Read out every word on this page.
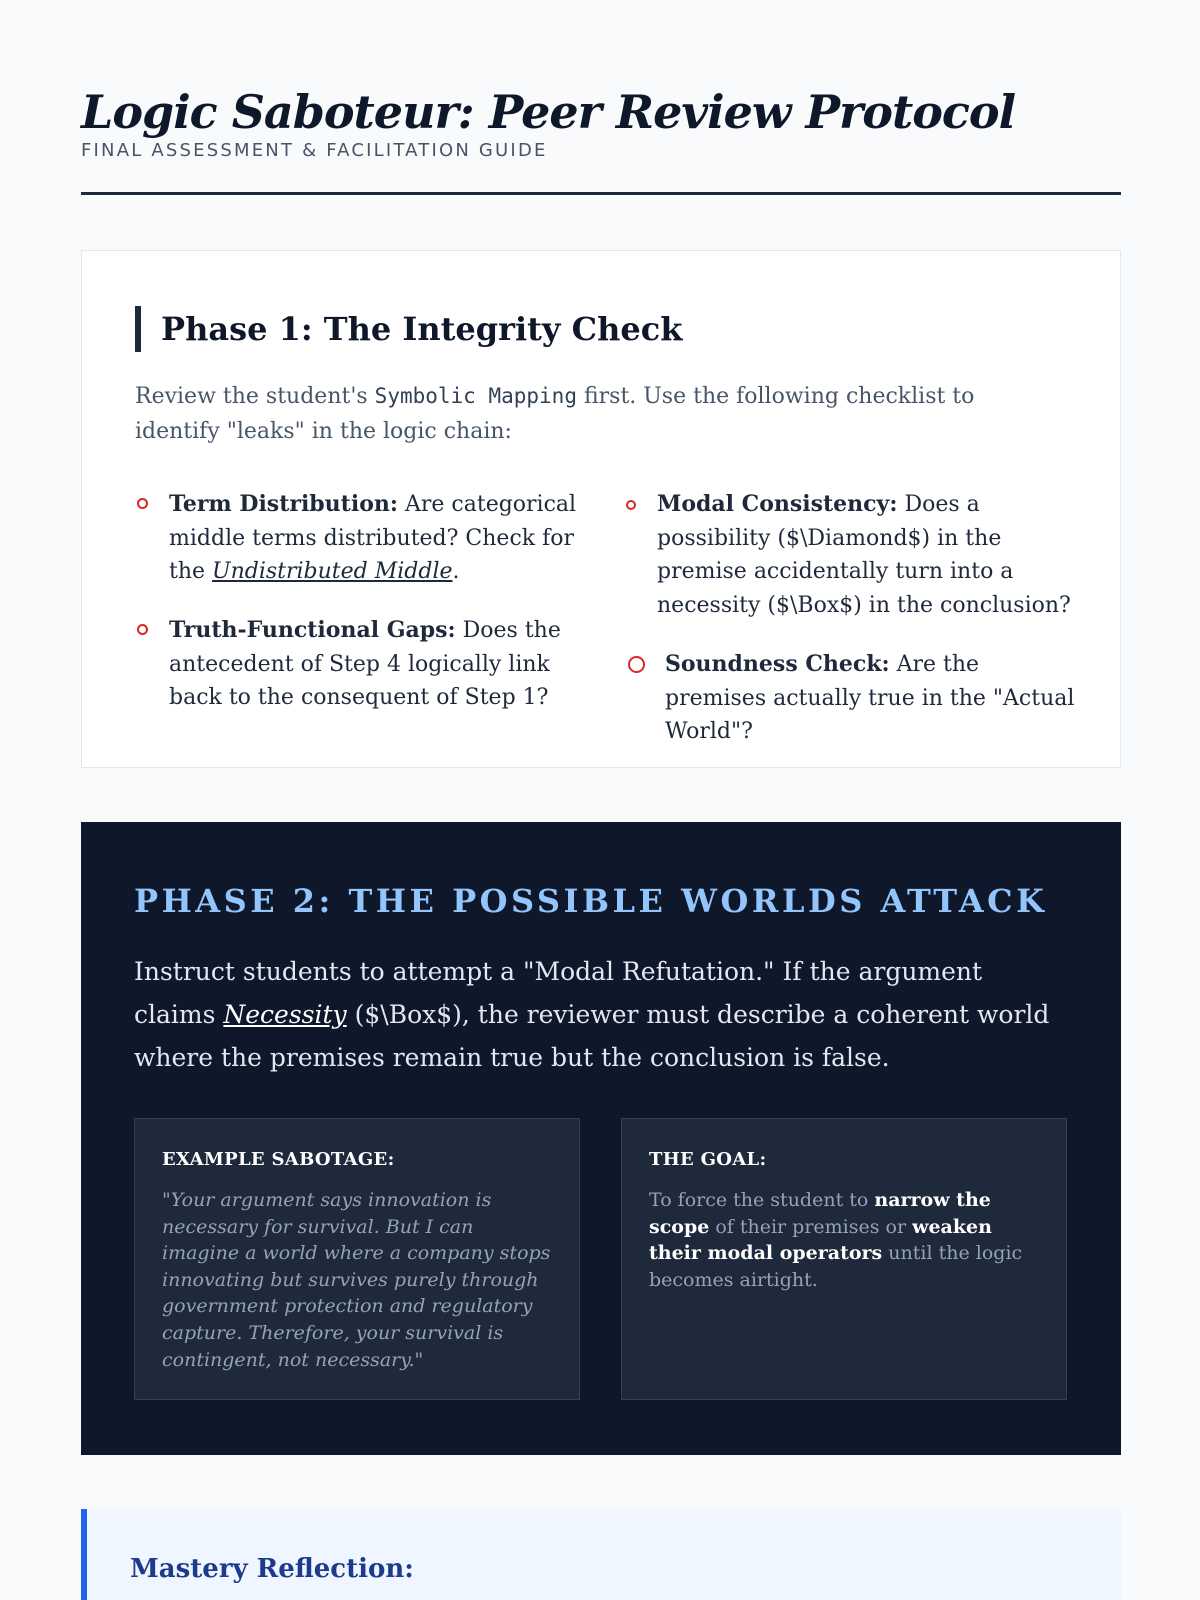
Logic Saboteur: Peer Review Protocol
FINAL ASSESSMENT & FACILITATION GUIDE
Phase 1: The Integrity Check

Review the student's Symbolic Mapping first. Use the following checklist to identify "leaks" in the logic chain:

Term Distribution: Are categorical middle terms distributed? Check for the Undistributed Middle.
Truth-Functional Gaps: Does the antecedent of Step 4 logically link back to the consequent of Step 1?
Modal Consistency: Does a possibility ($\Diamond$) in the premise accidentally turn into a necessity ($\Box$) in the conclusion?
Soundness Check: Are the premises actually true in the "Actual World"?
PHASE 2: THE POSSIBLE WORLDS ATTACK

Instruct students to attempt a "Modal Refutation." If the argument claims Necessity ($\Box$), the reviewer must describe a coherent world where the premises remain true but the conclusion is false.

EXAMPLE SABOTAGE:
"Your argument says innovation is necessary for survival. But I can imagine a world where a company stops innovating but survives purely through government protection and regulatory capture. Therefore, your survival is contingent, not necessary."
THE GOAL:
To force the student to narrow the scope of their premises or weaken their modal operators until the logic becomes airtight.
Mastery Reflection:
